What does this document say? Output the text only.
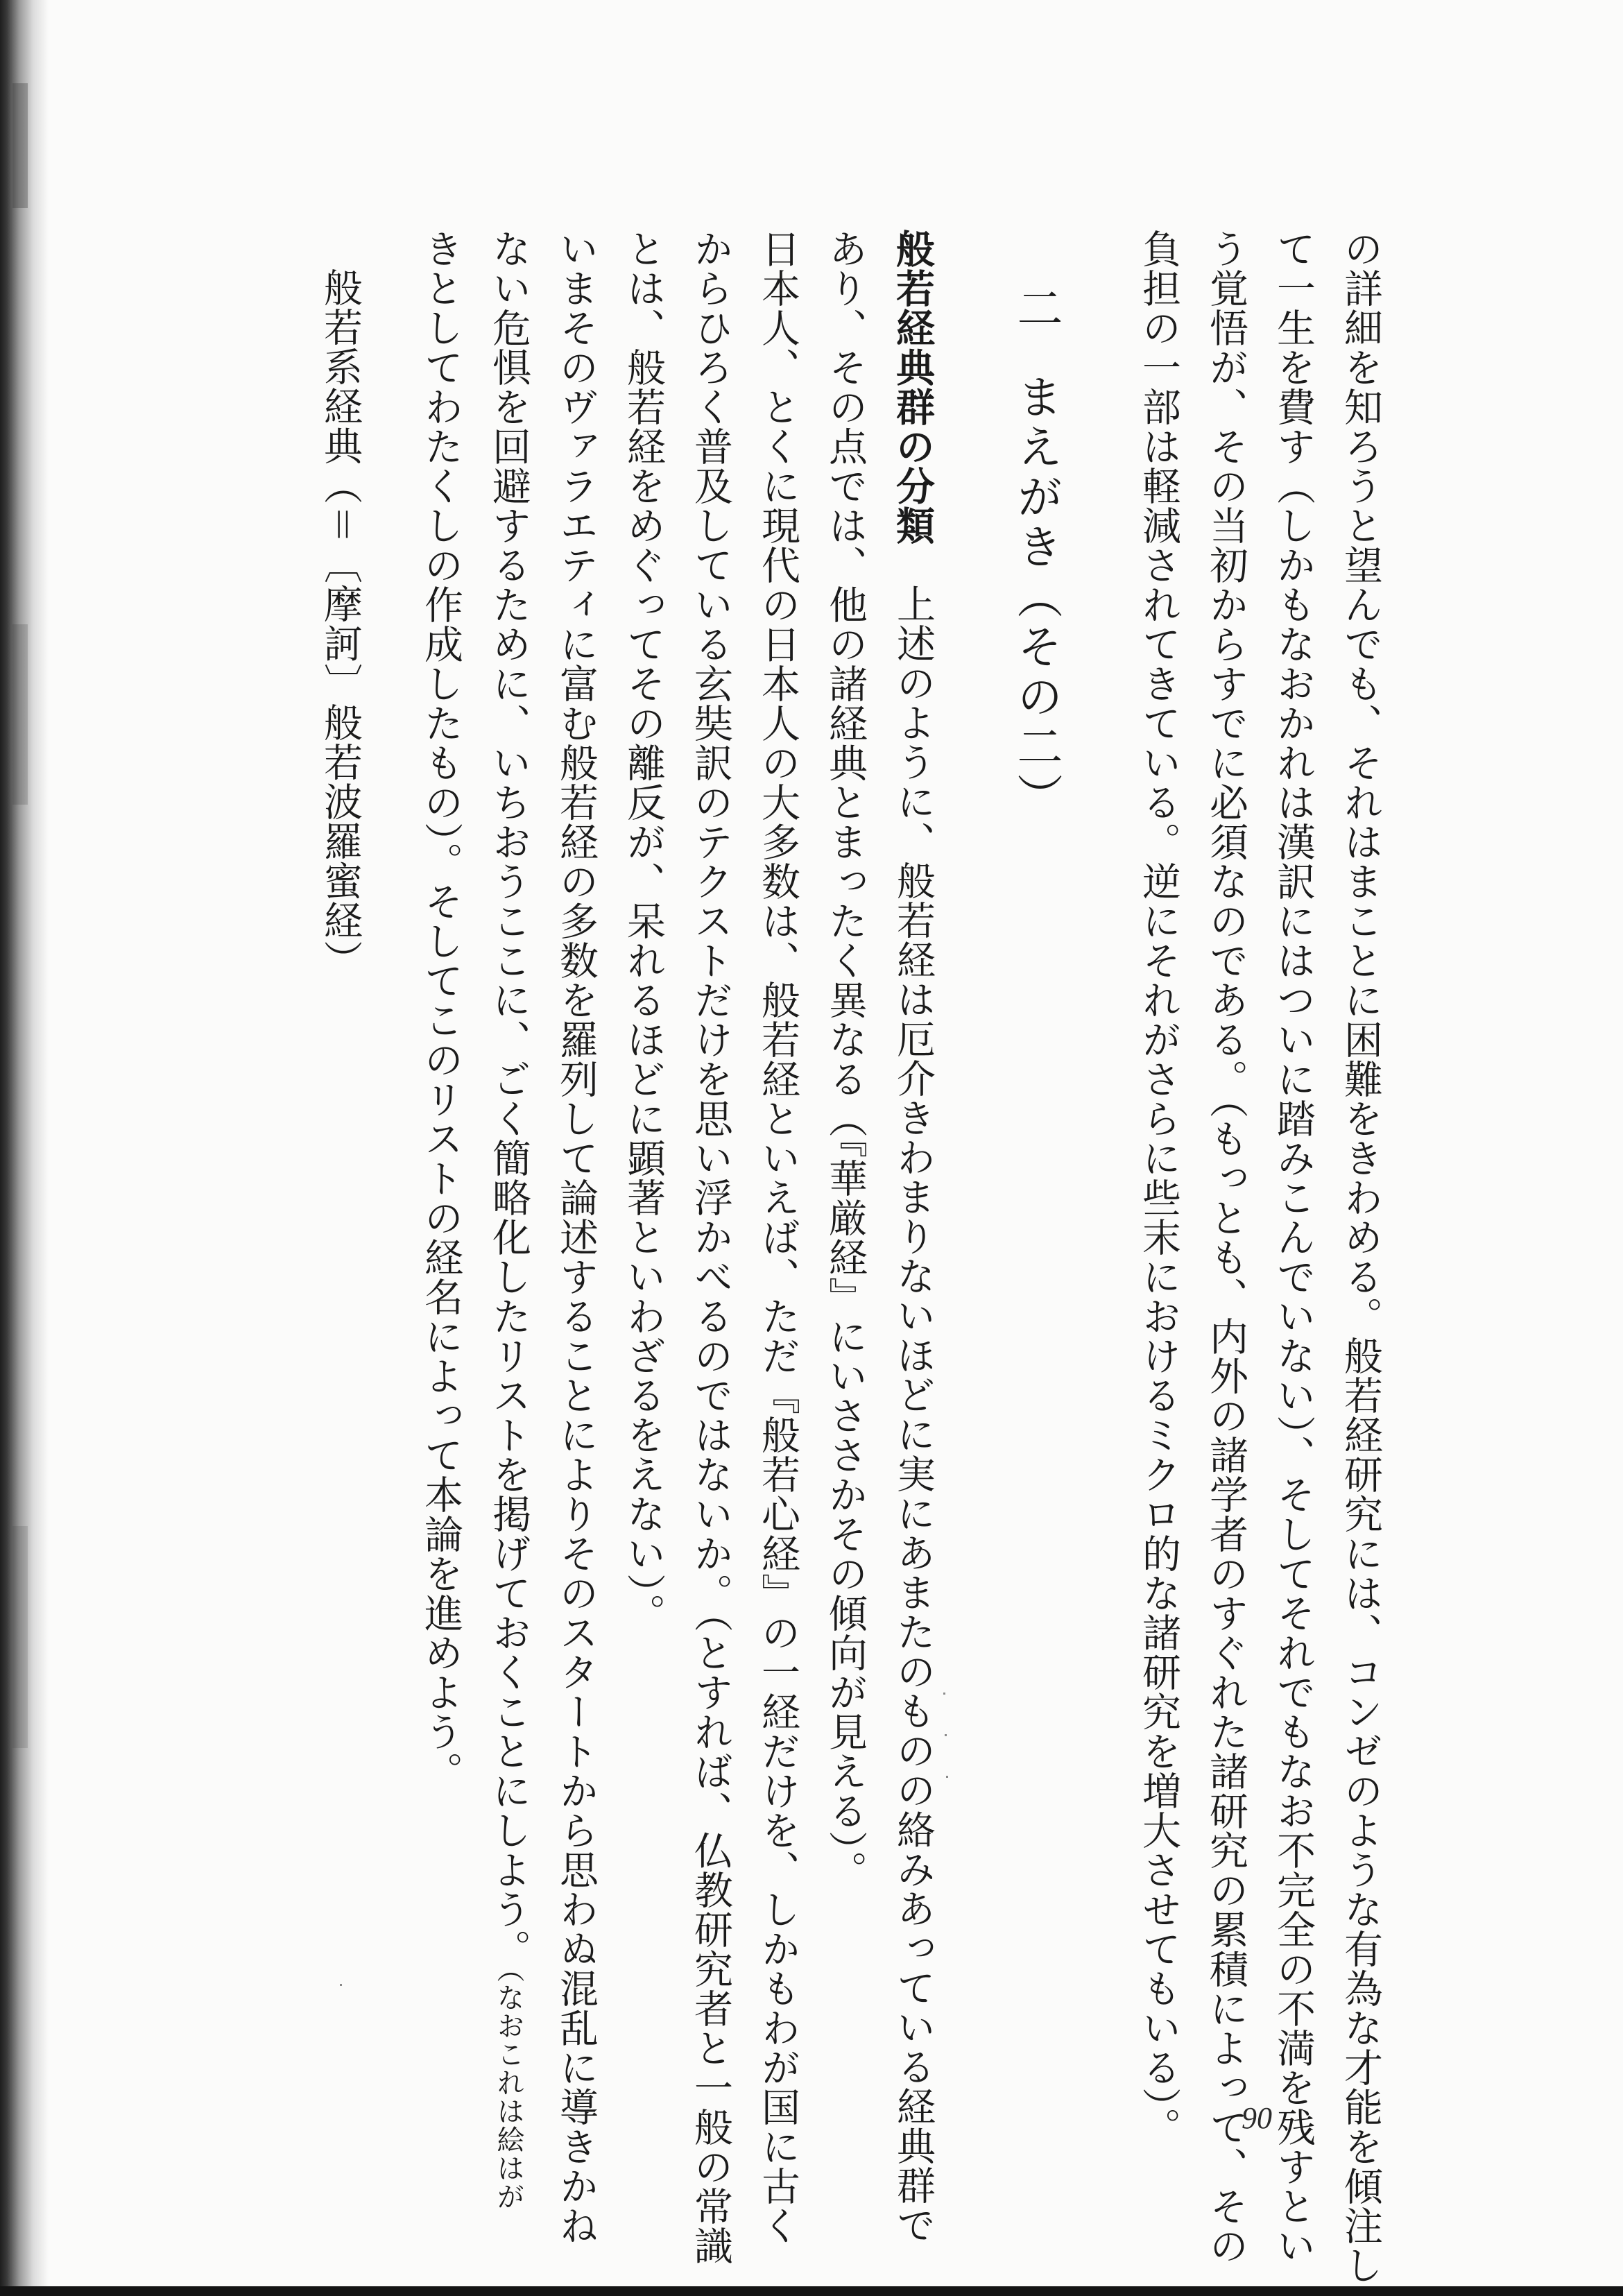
の詳細を知ろうと望んでも、それはまことに困難をきわめる。般若経研究には、コンゼのような有為な才能を傾注し
て一生を費す（しかもなおかれは漢訳にはついに踏みこんでいない）、そしてそれでもなお不完全の不満を残すとい
う覚悟が、その当初からすでに必須なのである。（もっとも、内外の諸学者のすぐれた諸研究の累積によって、その
負担の一部は軽減されてきている。逆にそれがさらに些末におけるミクロ的な諸研究を増大させてもいる）。
二まえがき（その二）
般若経典群の分類上述のように、般若経は厄介きわまりないほどに実にあまたのものの絡みあっている経典群で
あり、その点では、他の諸経典とまったく異なる（『華厳経』にいささかその傾向が見える）。
日本人、とくに現代の日本人の大多数は、般若経といえば、ただ『般若心経』の一経だけを、しかもわが国に古く
からひろく普及している玄奘訳のテクストだけを思い浮かべるのではないか。（とすれば、仏教研究者と一般の常識
とは、般若経をめぐってその離反が、呆れるほどに顕著といわざるをえない）。
いまそのヴァラエティに富む般若経の多数を羅列して論述することによりそのスタートから思わぬ混乱に導きかね
ない危惧を回避するために、いちおうここに、ごく簡略化したリストを掲げておくことにしよう。（なおこれは絵はが
きとしてわたくしの作成したもの）。そしてこのリストの経名によって本論を進めよう。
般若系経典（＝〔摩訶〕般若波羅蜜経）
90
